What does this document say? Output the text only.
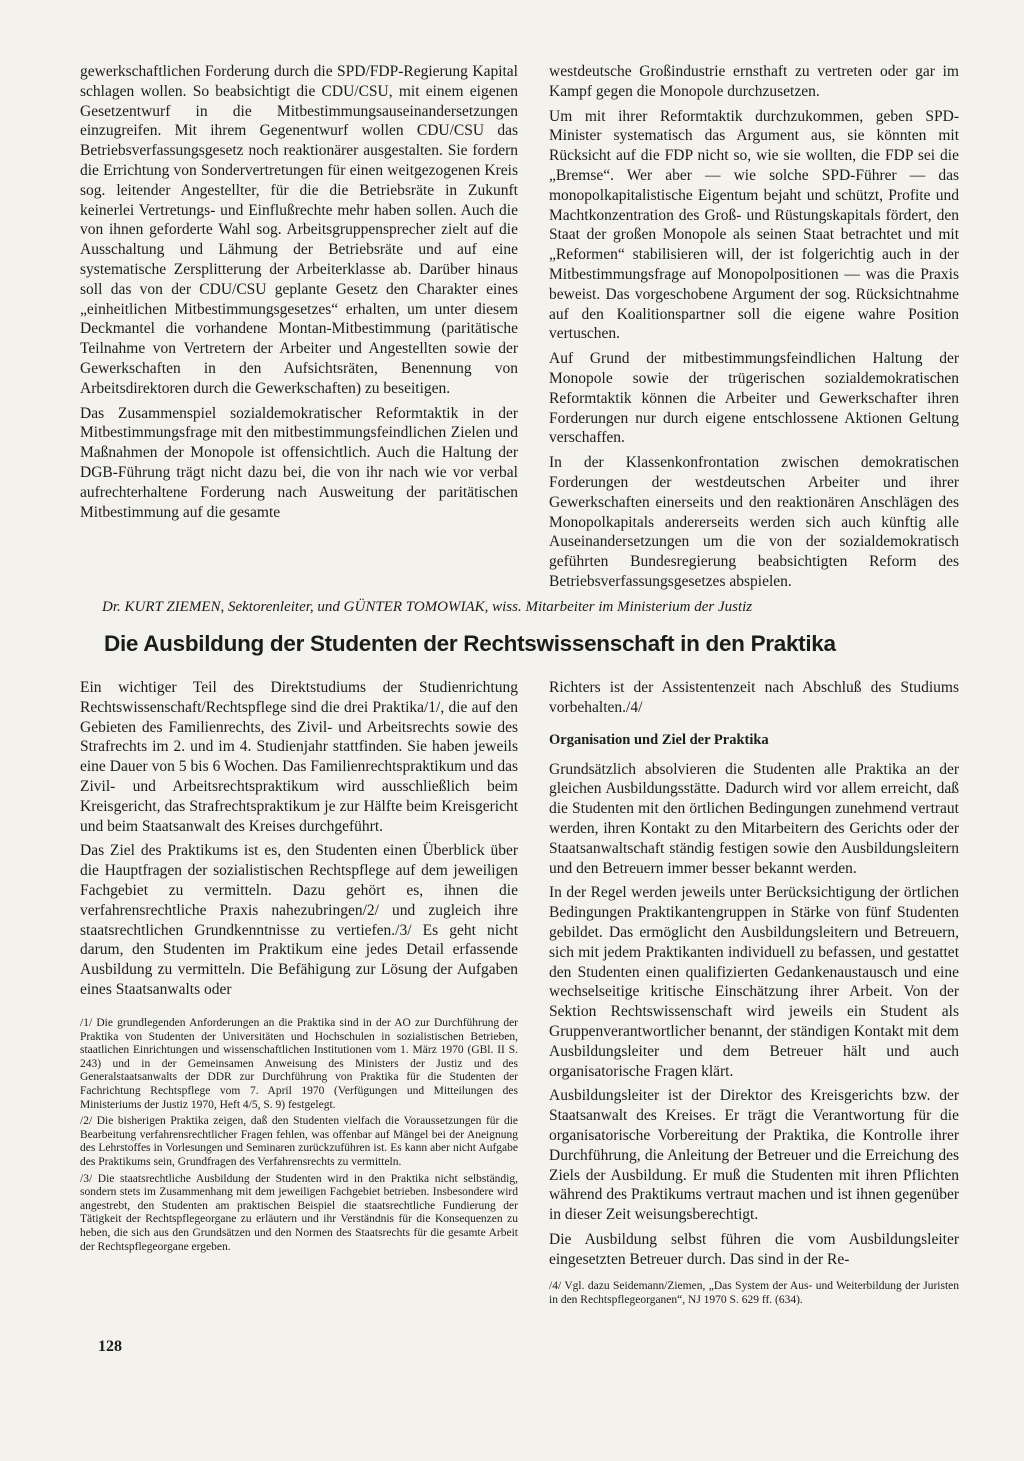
gewerkschaftlichen Forderung durch die SPD/FDP-Regierung Kapital schlagen wollen. So beabsichtigt die CDU/CSU, mit einem eigenen Gesetzentwurf in die Mitbestimmungsauseinandersetzungen einzugreifen. Mit ihrem Gegenentwurf wollen CDU/CSU das Betriebsverfassungsgesetz noch reaktionärer ausgestalten. Sie fordern die Errichtung von Sondervertretungen für einen weitgezogenen Kreis sog. leitender Angestellter, für die die Betriebsräte in Zukunft keinerlei Vertretungs- und Einflußrechte mehr haben sollen. Auch die von ihnen geforderte Wahl sog. Arbeitsgruppensprecher zielt auf die Ausschaltung und Lähmung der Betriebsräte und auf eine systematische Zersplitterung der Arbeiterklasse ab. Darüber hinaus soll das von der CDU/CSU geplante Gesetz den Charakter eines „einheitlichen Mitbestimmungsgesetzes“ erhalten, um unter diesem Deckmantel die vorhandene Montan-Mitbestimmung (paritätische Teilnahme von Vertretern der Arbeiter und Angestellten sowie der Gewerkschaften in den Aufsichtsräten, Benennung von Arbeitsdirektoren durch die Gewerkschaften) zu beseitigen.

Das Zusammenspiel sozialdemokratischer Reformtaktik in der Mitbestimmungsfrage mit den mitbestimmungsfeindlichen Zielen und Maßnahmen der Monopole ist offensichtlich. Auch die Haltung der DGB-Führung trägt nicht dazu bei, die von ihr nach wie vor verbal aufrechterhaltene Forderung nach Ausweitung der paritätischen Mitbestimmung auf die gesamte

westdeutsche Großindustrie ernsthaft zu vertreten oder gar im Kampf gegen die Monopole durchzusetzen.

Um mit ihrer Reformtaktik durchzukommen, geben SPD-Minister systematisch das Argument aus, sie könnten mit Rücksicht auf die FDP nicht so, wie sie wollten, die FDP sei die „Bremse“. Wer aber — wie solche SPD-Führer — das monopolkapitalistische Eigentum bejaht und schützt, Profite und Machtkonzentration des Groß- und Rüstungskapitals fördert, den Staat der großen Monopole als seinen Staat betrachtet und mit „Reformen“ stabilisieren will, der ist folgerichtig auch in der Mitbestimmungsfrage auf Monopolpositionen — was die Praxis beweist. Das vorgeschobene Argument der sog. Rücksichtnahme auf den Koalitionspartner soll die eigene wahre Position vertuschen.

Auf Grund der mitbestimmungsfeindlichen Haltung der Monopole sowie der trügerischen sozialdemokratischen Reformtaktik können die Arbeiter und Gewerkschafter ihren Forderungen nur durch eigene entschlossene Aktionen Geltung verschaffen.

In der Klassenkonfrontation zwischen demokratischen Forderungen der westdeutschen Arbeiter und ihrer Gewerkschaften einerseits und den reaktionären Anschlägen des Monopolkapitals andererseits werden sich auch künftig alle Auseinandersetzungen um die von der sozialdemokratisch geführten Bundesregierung beabsichtigten Reform des Betriebsverfassungsgesetzes abspielen.

Dr. KURT ZIEMEN, Sektorenleiter, und GÜNTER TOMOWIAK, wiss. Mitarbeiter im Ministerium der Justiz
Die Ausbildung der Studenten der Rechtswissenschaft in den Praktika

Ein wichtiger Teil des Direktstudiums der Studienrichtung Rechtswissenschaft/Rechtspflege sind die drei Praktika/1/, die auf den Gebieten des Familienrechts, des Zivil- und Arbeitsrechts sowie des Strafrechts im 2. und im 4. Studienjahr stattfinden. Sie haben jeweils eine Dauer von 5 bis 6 Wochen. Das Familienrechtspraktikum und das Zivil- und Arbeitsrechtspraktikum wird ausschließlich beim Kreisgericht, das Strafrechtspraktikum je zur Hälfte beim Kreisgericht und beim Staatsanwalt des Kreises durchgeführt.

Das Ziel des Praktikums ist es, den Studenten einen Überblick über die Hauptfragen der sozialistischen Rechtspflege auf dem jeweiligen Fachgebiet zu vermitteln. Dazu gehört es, ihnen die verfahrensrechtliche Praxis nahezubringen/2/ und zugleich ihre staatsrechtlichen Grundkenntnisse zu vertiefen./3/ Es geht nicht darum, den Studenten im Praktikum eine jedes Detail erfassende Ausbildung zu vermitteln. Die Befähigung zur Lösung der Aufgaben eines Staatsanwalts oder

/1/ Die grundlegenden Anforderungen an die Praktika sind in der AO zur Durchführung der Praktika von Studenten der Universitäten und Hochschulen in sozialistischen Betrieben, staatlichen Einrichtungen und wissenschaftlichen Institutionen vom 1. März 1970 (GBl. II S. 243) und in der Gemeinsamen Anweisung des Ministers der Justiz und des Generalstaatsanwalts der DDR zur Durchführung von Praktika für die Studenten der Fachrichtung Rechtspflege vom 7. April 1970 (Verfügungen und Mitteilungen des Ministeriums der Justiz 1970, Heft 4/5, S. 9) festgelegt.

/2/ Die bisherigen Praktika zeigen, daß den Studenten vielfach die Voraussetzungen für die Bearbeitung verfahrensrechtlicher Fragen fehlen, was offenbar auf Mängel bei der Aneignung des Lehrstoffes in Vorlesungen und Seminaren zurückzuführen ist. Es kann aber nicht Aufgabe des Praktikums sein, Grundfragen des Verfahrensrechts zu vermitteln.

/3/ Die staatsrechtliche Ausbildung der Studenten wird in den Praktika nicht selbständig, sondern stets im Zusammenhang mit dem jeweiligen Fachgebiet betrieben. Insbesondere wird angestrebt, den Studenten am praktischen Beispiel die staatsrechtliche Fundierung der Tätigkeit der Rechtspflegeorgane zu erläutern und ihr Verständnis für die Konsequenzen zu heben, die sich aus den Grundsätzen und den Normen des Staatsrechts für die gesamte Arbeit der Rechtspflegeorgane ergeben.

Richters ist der Assistentenzeit nach Abschluß des Studiums vorbehalten./4/

Organisation und Ziel der Praktika

Grundsätzlich absolvieren die Studenten alle Praktika an der gleichen Ausbildungsstätte. Dadurch wird vor allem erreicht, daß die Studenten mit den örtlichen Bedingungen zunehmend vertraut werden, ihren Kontakt zu den Mitarbeitern des Gerichts oder der Staatsanwaltschaft ständig festigen sowie den Ausbildungsleitern und den Betreuern immer besser bekannt werden.

In der Regel werden jeweils unter Berücksichtigung der örtlichen Bedingungen Praktikantengruppen in Stärke von fünf Studenten gebildet. Das ermöglicht den Ausbildungsleitern und Betreuern, sich mit jedem Praktikanten individuell zu befassen, und gestattet den Studenten einen qualifizierten Gedankenaustausch und eine wechselseitige kritische Einschätzung ihrer Arbeit. Von der Sektion Rechtswissenschaft wird jeweils ein Student als Gruppenverantwortlicher benannt, der ständigen Kontakt mit dem Ausbildungsleiter und dem Betreuer hält und auch organisatorische Fragen klärt.

Ausbildungsleiter ist der Direktor des Kreisgerichts bzw. der Staatsanwalt des Kreises. Er trägt die Verantwortung für die organisatorische Vorbereitung der Praktika, die Kontrolle ihrer Durchführung, die Anleitung der Betreuer und die Erreichung des Ziels der Ausbildung. Er muß die Studenten mit ihren Pflichten während des Praktikums vertraut machen und ist ihnen gegenüber in dieser Zeit weisungsberechtigt.

Die Ausbildung selbst führen die vom Ausbildungsleiter eingesetzten Betreuer durch. Das sind in der Re-

/4/ Vgl. dazu Seidemann/Ziemen, „Das System der Aus- und Weiterbildung der Juristen in den Rechtspflegeorganen“, NJ 1970 S. 629 ff. (634).

128
